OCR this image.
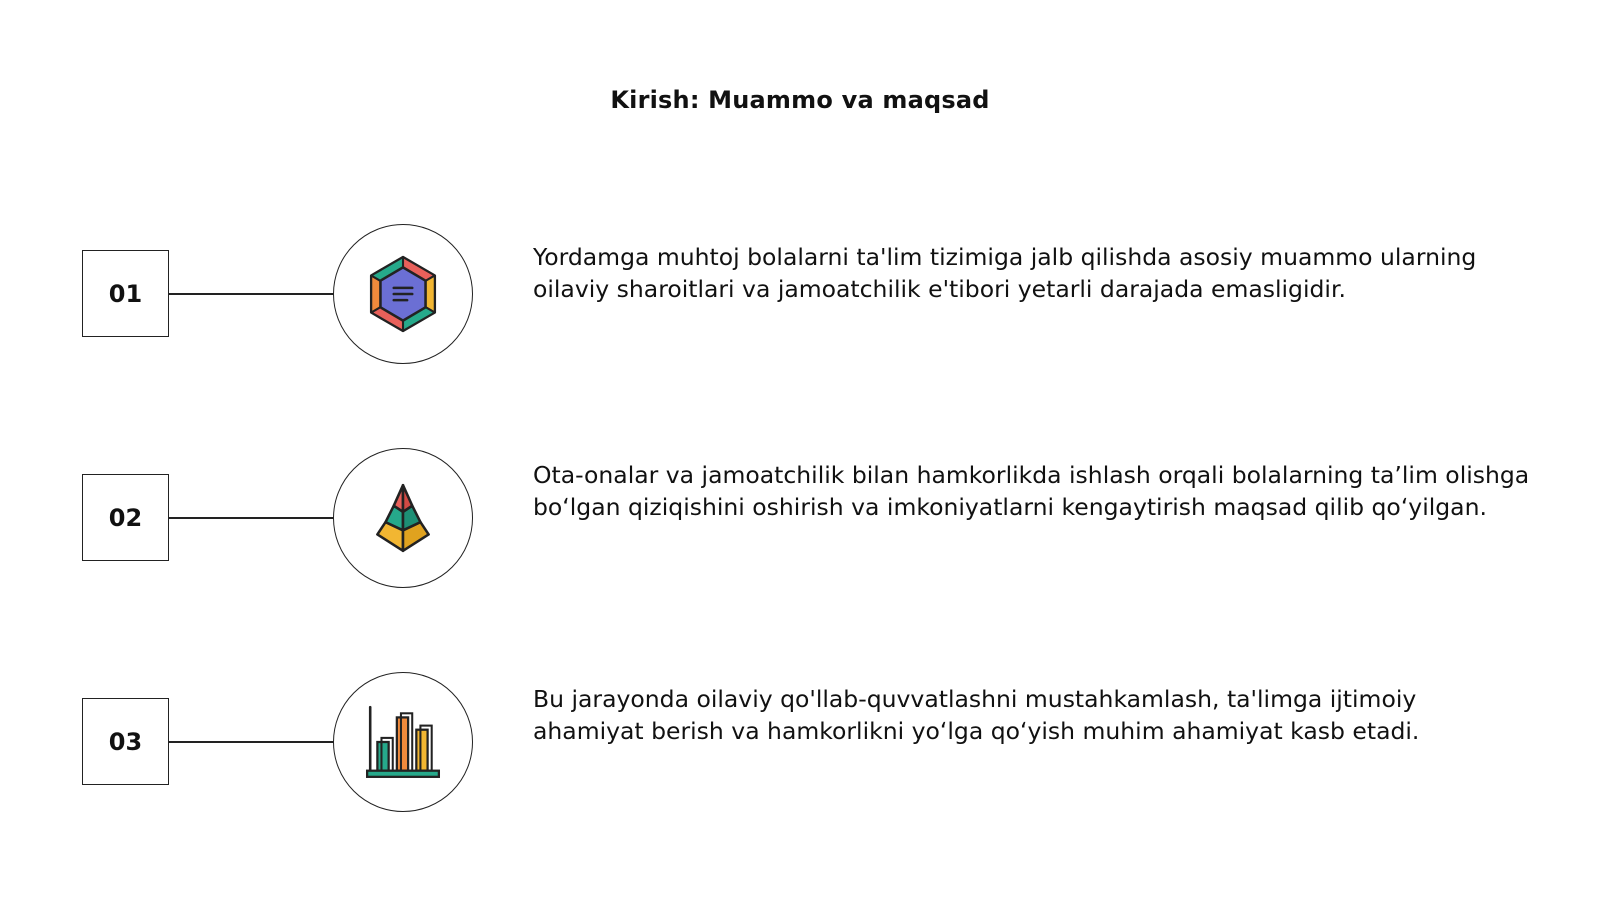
Kirish: Muammo va maqsad
01

Yordamga muhtoj bolalarni ta'lim tizimiga jalb qilishda asosiy muammo ularning oilaviy sharoitlari va jamoatchilik e'tibori yetarli darajada emasligidir.

02

Ota-onalar va jamoatchilik bilan hamkorlikda ishlash orqali bolalarning ta’lim olishga boʻlgan qiziqishini oshirish va imkoniyatlarni kengaytirish maqsad qilib qoʻyilgan.

03

Bu jarayonda oilaviy qo'llab-quvvatlashni mustahkamlash, ta'limga ijtimoiy ahamiyat berish va hamkorlikni yoʻlga qoʻyish muhim ahamiyat kasb etadi.
